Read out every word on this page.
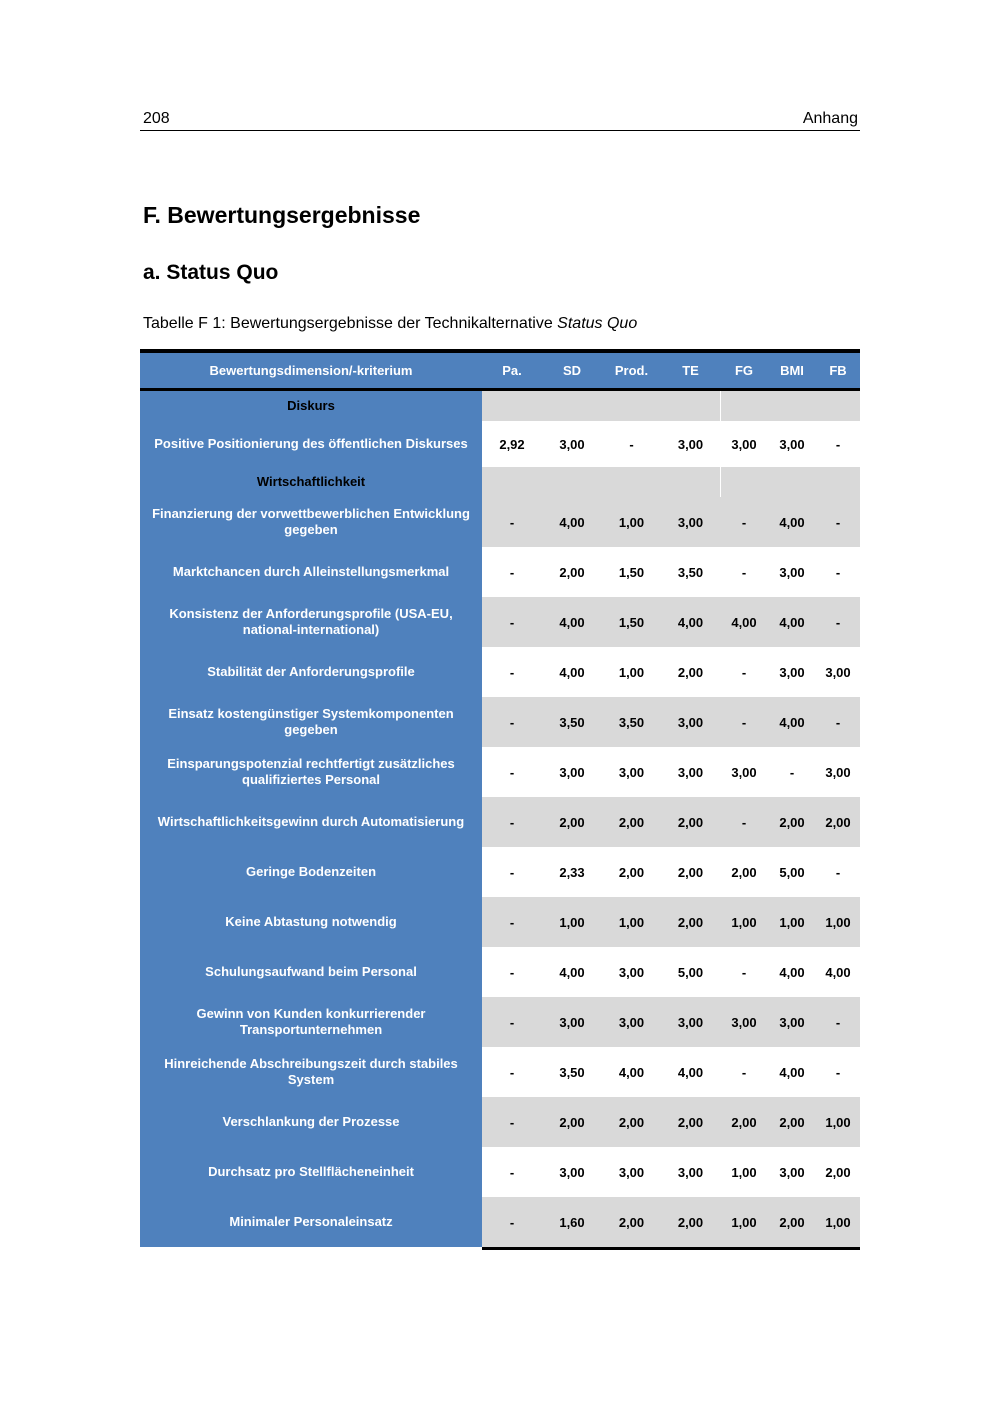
208	Anhang
F. Bewertungsergebnisse
a. Status Quo
Tabelle F 1: Bewertungsergebnisse der Technikalternative Status Quo
Bewertungsdimension/-kriterium	Pa.	SD	Prod.	TE	FG	BMI	FB
Diskurs
Positive Positionierung des öffentlichen Diskurses	2,92	3,00	-	3,00	3,00	3,00	-
Wirtschaftlichkeit
Finanzierung der vorwettbewerblichen Entwicklung gegeben	-	4,00	1,00	3,00	-	4,00	-
Marktchancen durch Alleinstellungsmerkmal	-	2,00	1,50	3,50	-	3,00	-
Konsistenz der Anforderungsprofile (USA-EU, national-international)	-	4,00	1,50	4,00	4,00	4,00	-
Stabilität der Anforderungsprofile	-	4,00	1,00	2,00	-	3,00	3,00
Einsatz kostengünstiger Systemkomponenten gegeben	-	3,50	3,50	3,00	-	4,00	-
Einsparungspotenzial rechtfertigt zusätzliches qualifiziertes Personal	-	3,00	3,00	3,00	3,00	-	3,00
Wirtschaftlichkeitsgewinn durch Automatisierung	-	2,00	2,00	2,00	-	2,00	2,00
Geringe Bodenzeiten	-	2,33	2,00	2,00	2,00	5,00	-
Keine Abtastung notwendig	-	1,00	1,00	2,00	1,00	1,00	1,00
Schulungsaufwand beim Personal	-	4,00	3,00	5,00	-	4,00	4,00
Gewinn von Kunden konkurrierender Transportunternehmen	-	3,00	3,00	3,00	3,00	3,00	-
Hinreichende Abschreibungszeit durch stabiles System	-	3,50	4,00	4,00	-	4,00	-
Verschlankung der Prozesse	-	2,00	2,00	2,00	2,00	2,00	1,00
Durchsatz pro Stellflächeneinheit	-	3,00	3,00	3,00	1,00	3,00	2,00
Minimaler Personaleinsatz	-	1,60	2,00	2,00	1,00	2,00	1,00
